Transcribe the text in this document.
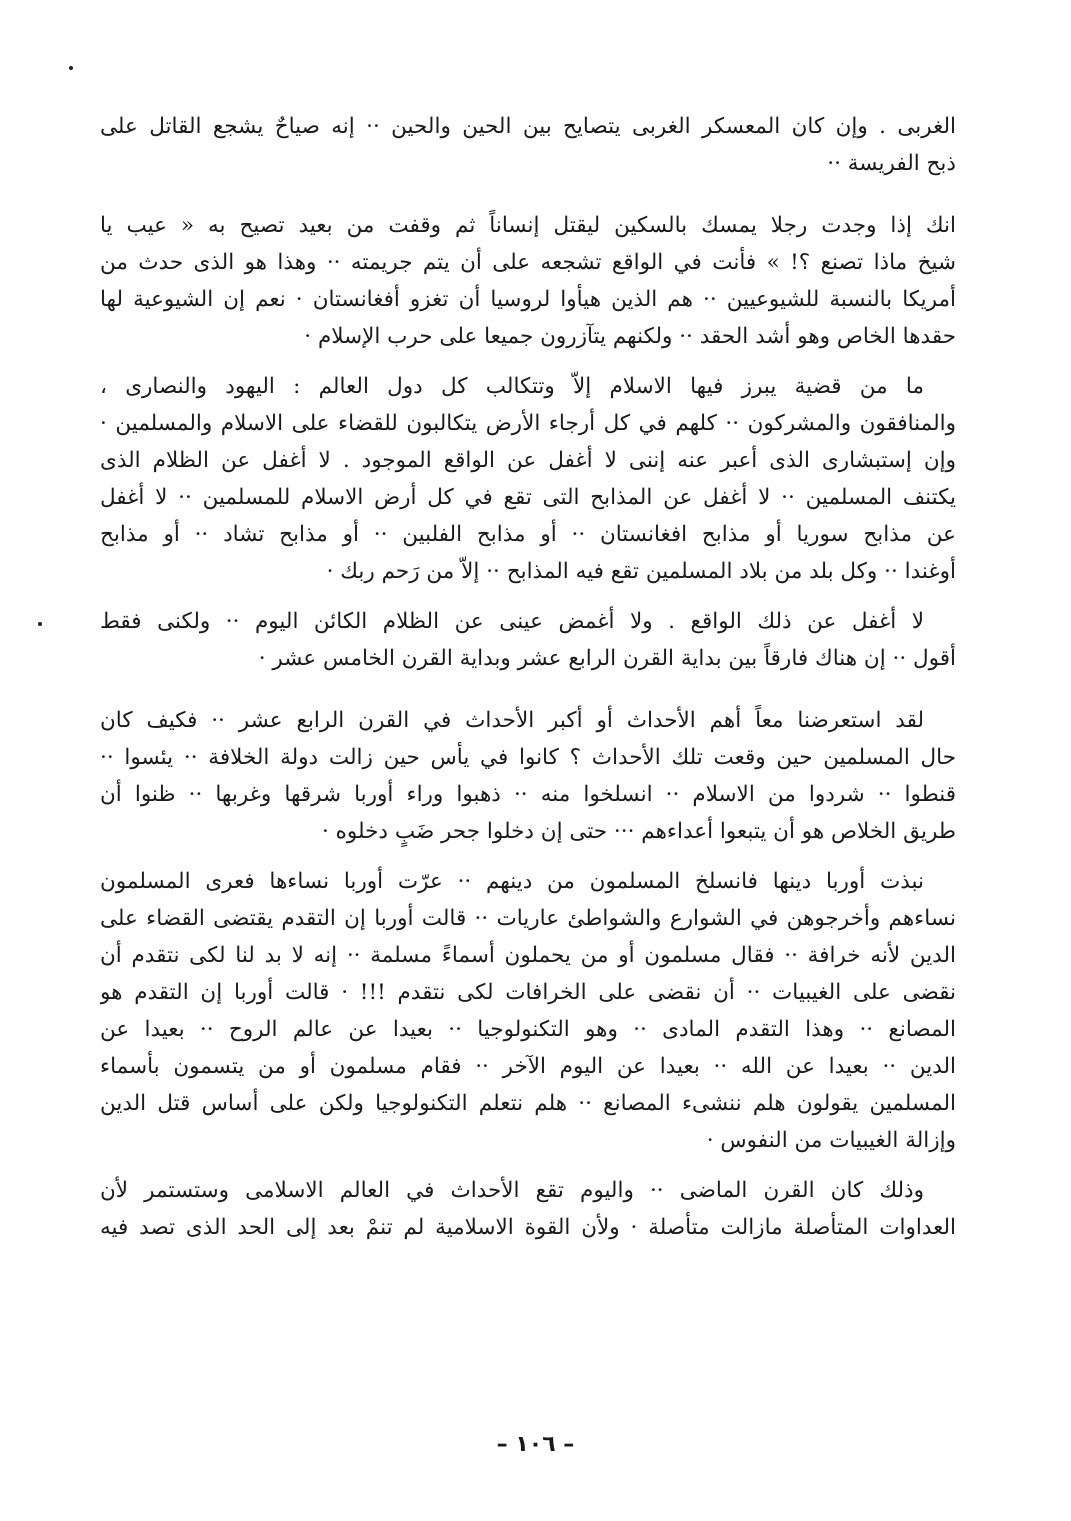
الغربى . وإن كان المعسكر الغربى يتصايح بين الحين والحين ·· إنه صياحٌ يشجع القاتل على
ذبح الفريسة ··
انك إذا وجدت رجلا يمسك بالسكين ليقتل إنساناً ثم وقفت من بعيد تصيح به « عيب يا
شيخ ماذا تصنع ؟! » فأنت في الواقع تشجعه على أن يتم جريمته ·· وهذا هو الذى حدث من
أمريكا بالنسبة للشيوعيين ·· هم الذين هيأوا لروسيا أن تغزو أفغانستان · نعم إن الشيوعية لها
حقدها الخاص وهو أشد الحقد ·· ولكنهم يتآزرون جميعا على حرب الإسلام ·
ما من قضية يبرز فيها الاسلام إلاّ وتتكالب كل دول العالم : اليهود والنصارى ،
والمنافقون والمشركون ·· كلهم في كل أرجاء الأرض يتكالبون للقضاء على الاسلام والمسلمين ·
وإن إستبشارى الذى أعبر عنه إننى لا أغفل عن الواقع الموجود . لا أغفل عن الظلام الذى
يكتنف المسلمين ·· لا أغفل عن المذابح التى تقع في كل أرض الاسلام للمسلمين ·· لا أغفل
عن مذابح سوريا أو مذابح افغانستان ·· أو مذابح الفلبين ·· أو مذابح تشاد ·· أو مذابح
أوغندا ·· وكل بلد من بلاد المسلمين تقع فيه المذابح ·· إلاّ من رَحم ربك ·
لا أغفل عن ذلك الواقع . ولا أغمض عينى عن الظلام الكائن اليوم ·· ولكنى فقط
أقول ·· إن هناك فارقاً بين بداية القرن الرابع عشر وبداية القرن الخامس عشر ·
لقد استعرضنا معاً أهم الأحداث أو أكبر الأحداث في القرن الرابع عشر ·· فكيف كان
حال المسلمين حين وقعت تلك الأحداث ؟ كانوا في يأس حين زالت دولة الخلافة ·· يئسوا ··
قنطوا ·· شردوا من الاسلام ·· انسلخوا منه ·· ذهبوا وراء أوربا شرقها وغربها ·· ظنوا أن
طريق الخلاص هو أن يتبعوا أعداءهم ··· حتى إن دخلوا جحر ضَبٍ دخلوه ·
نبذت أوربا دينها فانسلخ المسلمون من دينهم ·· عرّت أوربا نساءها فعرى المسلمون
نساءهم وأخرجوهن في الشوارع والشواطئ عاريات ·· قالت أوربا إن التقدم يقتضى القضاء على
الدين لأنه خرافة ·· فقال مسلمون أو من يحملون أسماءً مسلمة ·· إنه لا بد لنا لكى نتقدم أن
نقضى على الغيبيات ·· أن نقضى على الخرافات لكى نتقدم !!! · قالت أوربا إن التقدم هو
المصانع ·· وهذا التقدم المادى ·· وهو التكنولوجيا ·· بعيدا عن عالم الروح ·· بعيدا عن
الدين ·· بعيدا عن الله ·· بعيدا عن اليوم الآخر ·· فقام مسلمون أو من يتسمون بأسماء
المسلمين يقولون هلم ننشىء المصانع ·· هلم نتعلم التكنولوجيا ولكن على أساس قتل الدين
وإزالة الغيبيات من النفوس ·
وذلك كان القرن الماضى ·· واليوم تقع الأحداث في العالم الاسلامى وستستمر لأن
العداوات المتأصلة مازالت متأصلة · ولأن القوة الاسلامية لم تنمْ بعد إلى الحد الذى تصد فيه
– ١٠٦ –
